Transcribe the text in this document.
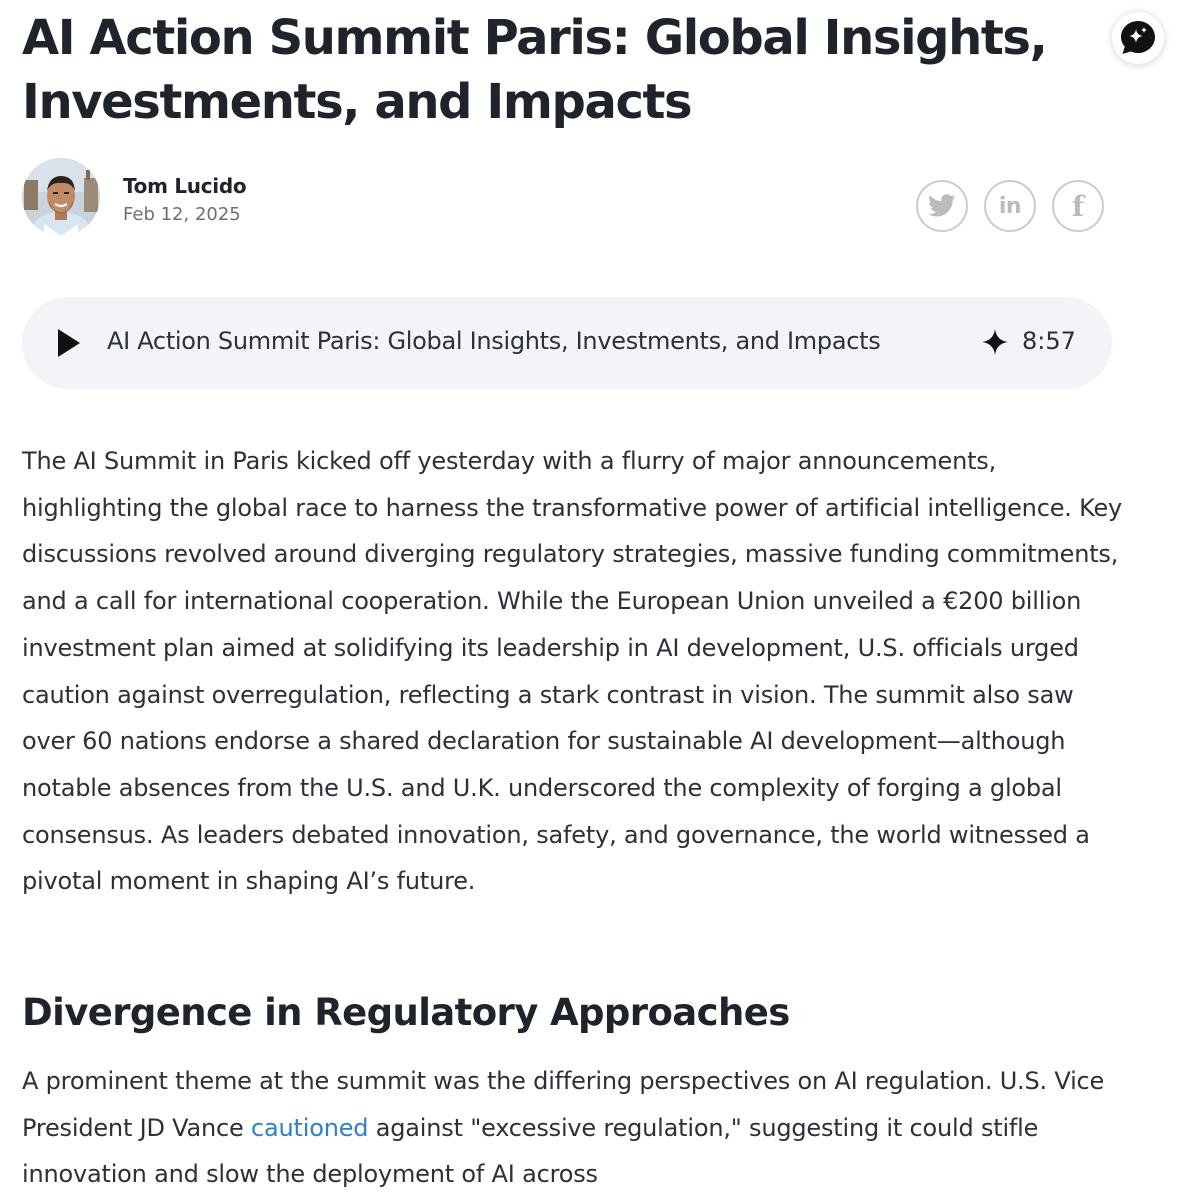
AI Action Summit Paris: Global Insights, Investments, and Impacts
Tom Lucido
Feb 12, 2025	in f
AI Action Summit Paris: Global Insights, Investments, and Impacts	8:57

The AI Summit in Paris kicked off yesterday with a flurry of major announcements, highlighting the global race to harness the transformative power of artificial intelligence. Key discussions revolved around diverging regulatory strategies, massive funding commitments, and a call for international cooperation. While the European Union unveiled a €200 billion investment plan aimed at solidifying its leadership in AI development, U.S. officials urged caution against overregulation, reflecting a stark contrast in vision. The summit also saw over 60 nations endorse a shared declaration for sustainable AI development—although notable absences from the U.S. and U.K. underscored the complexity of forging a global consensus. As leaders debated innovation, safety, and governance, the world witnessed a pivotal moment in shaping AI’s future.

Divergence in Regulatory Approaches

A prominent theme at the summit was the differing perspectives on AI regulation. U.S. Vice President JD Vance cautioned against "excessive regulation," suggesting it could stifle innovation and slow the deployment of AI across
